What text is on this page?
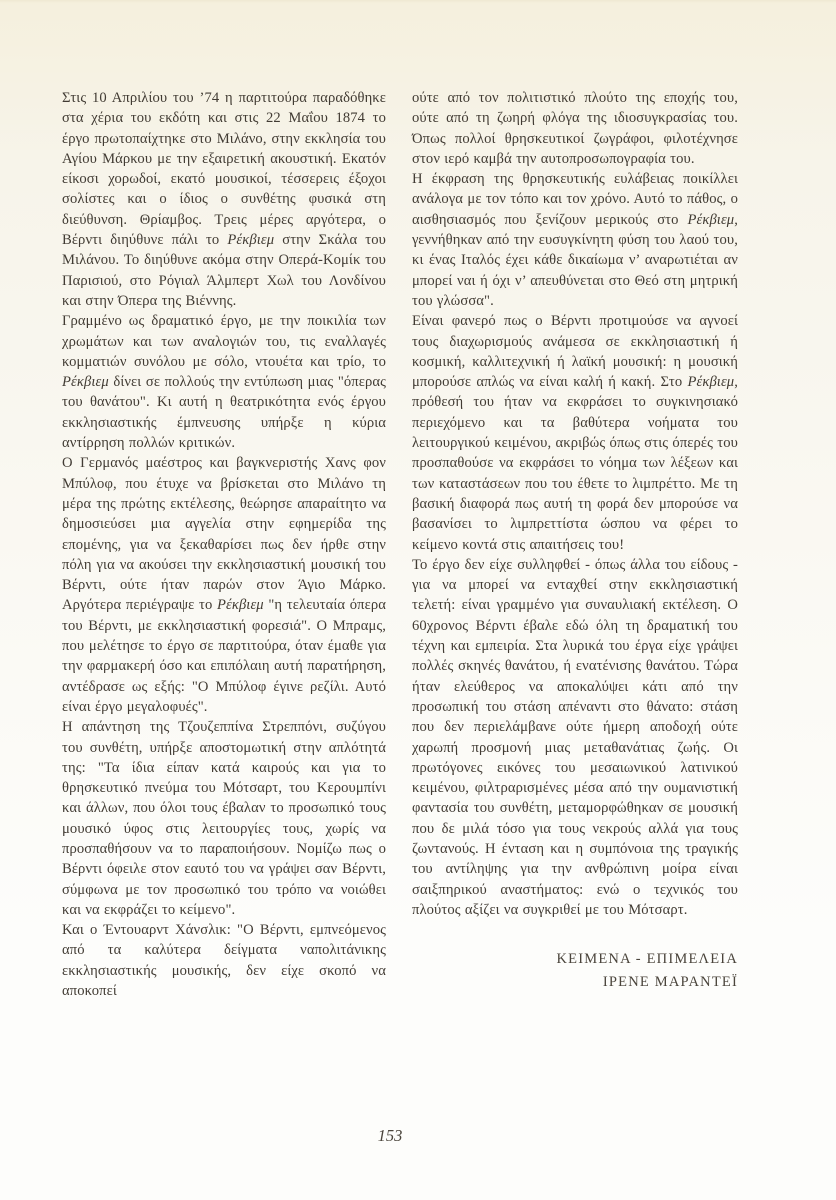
Στις 10 Απριλίου του ’74 η παρτιτούρα παραδόθηκε στα χέρια του εκδότη και στις 22 Μαΐου 1874 το έργο πρωτοπαίχτηκε στο Μιλάνο, στην εκκλησία του Αγίου Μάρκου με την εξαιρετική ακουστική. Εκατόν είκοσι χορωδοί, εκατό μουσικοί, τέσσερεις έξοχοι σολίστες και ο ίδιος ο συνθέτης φυσικά στη διεύθυνση. Θρίαμβος. Τρεις μέρες αργότερα, ο Βέρντι διηύθυνε πάλι το Ρέκβιεμ στην Σκάλα του Μιλάνου. Το διηύθυνε ακόμα στην Οπερά-Κομίκ του Παρισιού, στο Ρόγιαλ Άλμπερτ Χωλ του Λονδίνου και στην Όπερα της Βιέννης.

Γραμμένο ως δραματικό έργο, με την ποικιλία των χρωμάτων και των αναλογιών του, τις εναλλαγές κομματιών συνόλου με σόλο, ντουέτα και τρίο, το Ρέκβιεμ δίνει σε πολλούς την εντύπωση μιας "όπερας του θανάτου". Κι αυτή η θεατρικότητα ενός έργου εκκλησιαστικής έμπνευσης υπήρξε η κύρια αντίρρηση πολλών κριτικών.

Ο Γερμανός μαέστρος και βαγκνεριστής Χανς φον Μπύλοφ, που έτυχε να βρίσκεται στο Μιλάνο τη μέρα της πρώτης εκτέλεσης, θεώρησε απαραίτητο να δημοσιεύσει μια αγγελία στην εφημερίδα της επομένης, για να ξεκαθαρίσει πως δεν ήρθε στην πόλη για να ακούσει την εκκλησιαστική μουσική του Βέρντι, ούτε ήταν παρών στον Άγιο Μάρκο. Αργότερα περιέγραψε το Ρέκβιεμ "η τελευταία όπερα του Βέρντι, με εκκλησιαστική φορεσιά". Ο Μπραμς, που μελέτησε το έργο σε παρτιτούρα, όταν έμαθε για την φαρμακερή όσο και επιπόλαιη αυτή παρατήρηση, αντέδρασε ως εξής: "Ο Μπύλοφ έγινε ρεζίλι. Αυτό είναι έργο μεγαλοφυές".

Η απάντηση της Τζουζεππίνα Στρεππόνι, συζύγου του συνθέτη, υπήρξε αποστομωτική στην απλότητά της: "Τα ίδια είπαν κατά καιρούς και για το θρησκευτικό πνεύμα του Μότσαρτ, του Κερουμπίνι και άλλων, που όλοι τους έβαλαν το προσωπικό τους μουσικό ύφος στις λειτουργίες τους, χωρίς να προσπαθήσουν να το παραποιήσουν. Νομίζω πως ο Βέρντι όφειλε στον εαυτό του να γράψει σαν Βέρντι, σύμφωνα με τον προσωπικό του τρόπο να νοιώθει και να εκφράζει το κείμενο".

Και ο Έντουαρντ Χάνσλικ: "Ο Βέρντι, εμπνεόμενος από τα καλύτερα δείγματα ναπολιτάνικης εκκλησιαστικής μουσικής, δεν είχε σκοπό να αποκοπεί

ούτε από τον πολιτιστικό πλούτο της εποχής του, ούτε από τη ζωηρή φλόγα της ιδιοσυγκρασίας του. Όπως πολλοί θρησκευτικοί ζωγράφοι, φιλοτέχνησε στον ιερό καμβά την αυτοπροσωπογραφία του.

Η έκφραση της θρησκευτικής ευλάβειας ποικίλλει ανάλογα με τον τόπο και τον χρόνο. Αυτό το πάθος, ο αισθησιασμός που ξενίζουν μερικούς στο Ρέκβιεμ, γεννήθηκαν από την ευσυγκίνητη φύση του λαού του, κι ένας Ιταλός έχει κάθε δικαίωμα ν’ αναρωτιέται αν μπορεί ναι ή όχι ν’ απευθύνεται στο Θεό στη μητρική του γλώσσα".

Είναι φανερό πως ο Βέρντι προτιμούσε να αγνοεί τους διαχωρισμούς ανάμεσα σε εκκλησιαστική ή κοσμική, καλλιτεχνική ή λαϊκή μουσική: η μουσική μπορούσε απλώς να είναι καλή ή κακή. Στο Ρέκβιεμ, πρόθεσή του ήταν να εκφράσει το συγκινησιακό περιεχόμενο και τα βαθύτερα νοήματα του λειτουργικού κειμένου, ακριβώς όπως στις όπερές του προσπαθούσε να εκφράσει το νόημα των λέξεων και των καταστάσεων που του έθετε το λιμπρέττο. Με τη βασική διαφορά πως αυτή τη φορά δεν μπορούσε να βασανίσει το λιμπρεττίστα ώσπου να φέρει το κείμενο κοντά στις απαιτήσεις του!

Το έργο δεν είχε συλληφθεί - όπως άλλα του είδους - για να μπορεί να ενταχθεί στην εκκλησιαστική τελετή: είναι γραμμένο για συναυλιακή εκτέλεση. Ο 60χρονος Βέρντι έβαλε εδώ όλη τη δραματική του τέχνη και εμπειρία. Στα λυρικά του έργα είχε γράψει πολλές σκηνές θανάτου, ή ενατένισης θανάτου. Τώρα ήταν ελεύθερος να αποκαλύψει κάτι από την προσωπική του στάση απέναντι στο θάνατο: στάση που δεν περιελάμβανε ούτε ήμερη αποδοχή ούτε χαρωπή προσμονή μιας μεταθανάτιας ζωής. Οι πρωτόγονες εικόνες του μεσαιωνικού λατινικού κειμένου, φιλτραρισμένες μέσα από την ουμανιστική φαντασία του συνθέτη, μεταμορφώθηκαν σε μουσική που δε μιλά τόσο για τους νεκρούς αλλά για τους ζωντανούς. Η ένταση και η συμπόνοια της τραγικής του αντίληψης για την ανθρώπινη μοίρα είναι σαιξπηρικού αναστήματος: ενώ ο τεχνικός του πλούτος αξίζει να συγκριθεί με του Μότσαρτ.

ΚΕΙΜΕΝΑ - ΕΠΙΜΕΛΕΙΑ
ΙΡΕΝΕ ΜΑΡΑΝΤΕΪ
153
